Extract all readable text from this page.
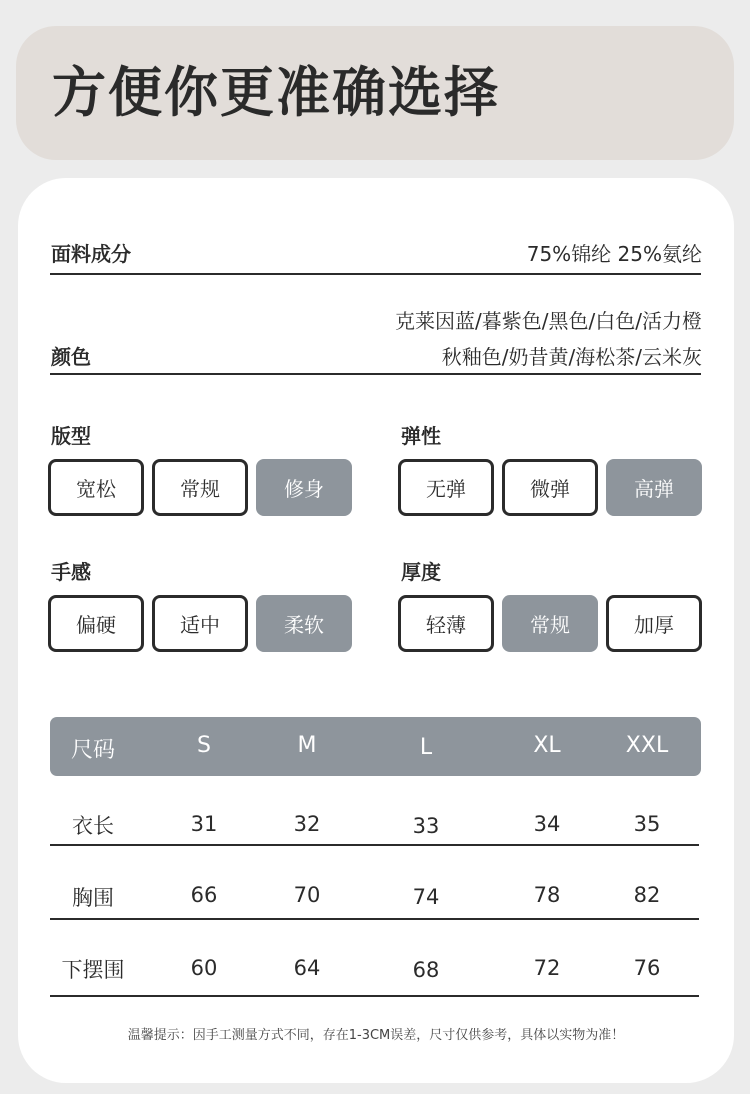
方便你更准确选择
面料成分	75%锦纶 25%氨纶
克莱因蓝/暮紫色/黑色/白色/活力橙
颜色	秋釉色/奶昔黄/海松茶/云米灰
版型
宽松	常规	修身
弹性
无弹	微弹	高弹
手感
偏硬	适中	柔软
厚度
轻薄	常规	加厚
尺码	S	M	L	XL	XXL
衣长	31	32	33	34	35
胸围	66	70	74	78	82
下摆围	60	64	68	72	76
温馨提示：因手工测量方式不同，存在1-3CM误差，尺寸仅供参考，具体以实物为准！
